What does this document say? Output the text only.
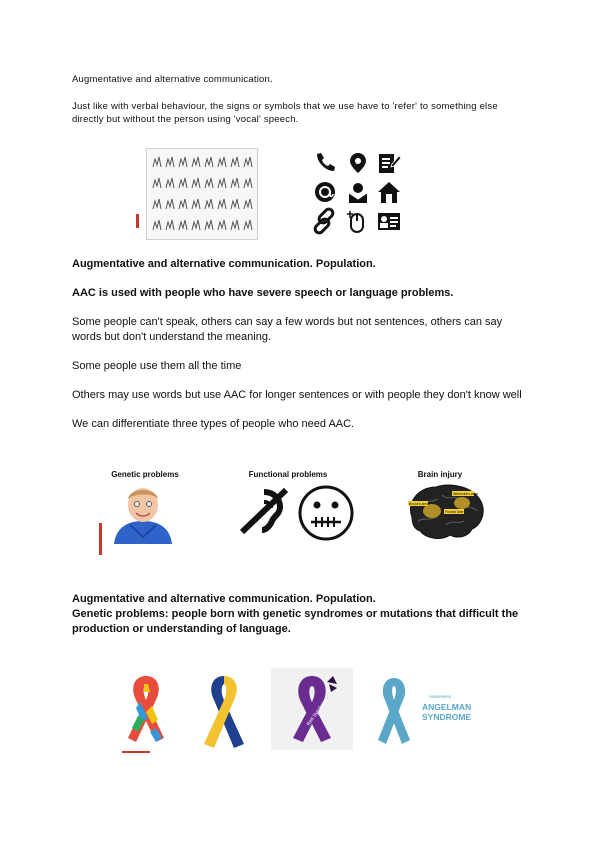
Augmentative and alternative communication.
Just like with verbal behaviour, the signs or symbols that we use have to 'refer' to something else directly but without the person using 'vocal' speech.
Augmentative and alternative communication. Population.
AAC is used with people who have severe speech or language problems.
Some people can't speak, others can say a few words but not sentences, others can say words but don't understand the meaning.
Some people use them all the time
Others may use words but use AAC for longer sentences or with people they don't know well
We can differentiate three types of people who need AAC.
Genetic problems	Functional problems	Brain injury
Broca's area
Wernicke's area
Frontal lobe
Augmentative and alternative communication. Population.
Genetic problems: people born with genetic syndromes or mutations that difficult the production or understanding of language.
Rett Syndrome	Awareness
ANGELMAN
SYNDROME
